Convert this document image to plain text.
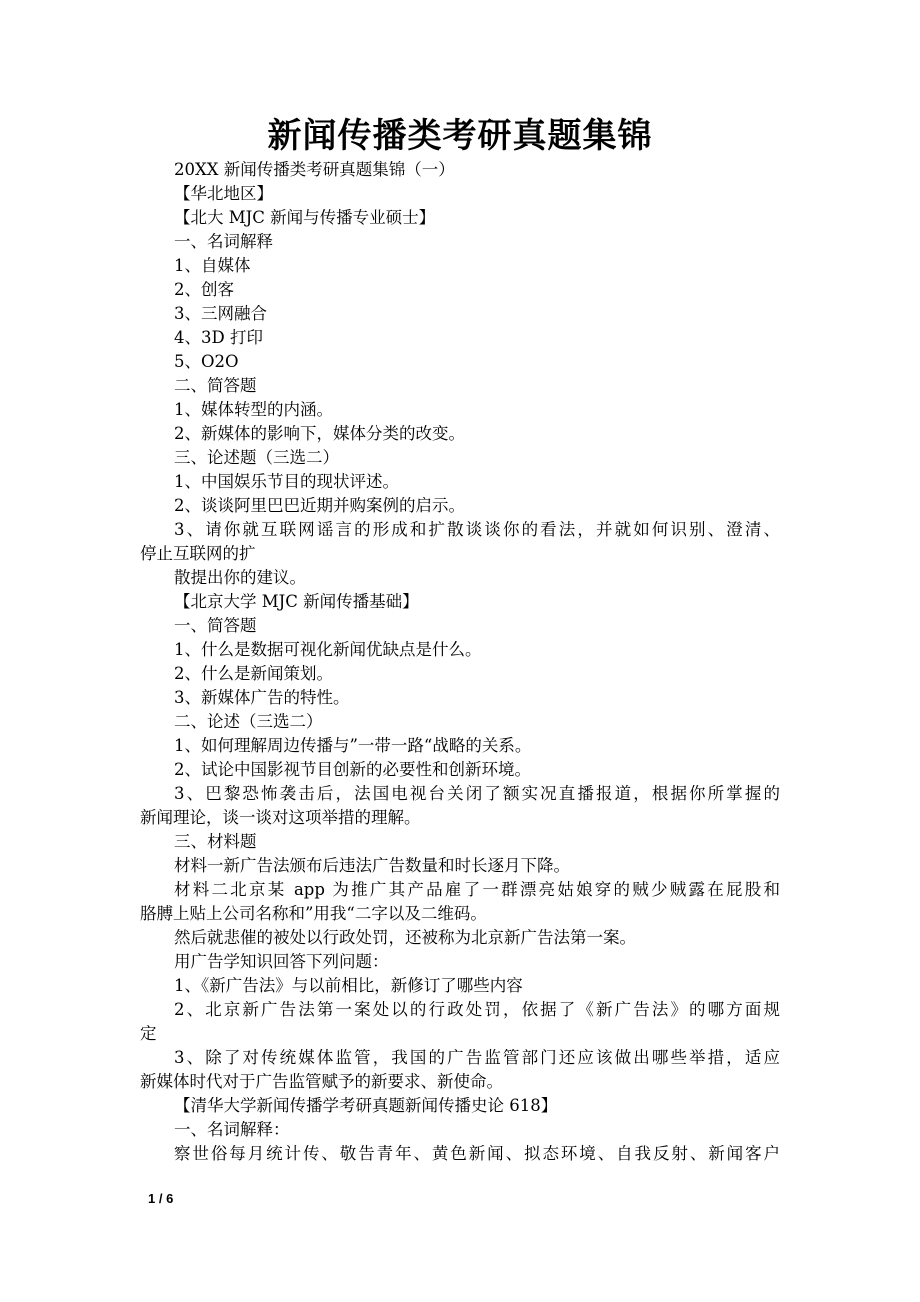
新闻传播类考研真题集锦
20XX 新闻传播类考研真题集锦（一）
【华北地区】
【北大 MJC 新闻与传播专业硕士】
一、名词解释
1、自媒体
2、创客
3、三网融合
4、3D 打印
5、O2O
二、简答题
1、媒体转型的内涵。
2、新媒体的影响下，媒体分类的改变。
三、论述题（三选二）
1、中国娱乐节目的现状评述。
2、谈谈阿里巴巴近期并购案例的启示。
3、请你就互联网谣言的形成和扩散谈谈你的看法，并就如何识别、澄清、
停止互联网的扩
散提出你的建议。
【北京大学 MJC 新闻传播基础】
一、简答题
1、什么是数据可视化新闻优缺点是什么。
2、什么是新闻策划。
3、新媒体广告的特性。
二、论述（三选二）
1、如何理解周边传播与”一带一路“战略的关系。
2、试论中国影视节目创新的必要性和创新环境。
3、巴黎恐怖袭击后，法国电视台关闭了额实况直播报道，根据你所掌握的
新闻理论，谈一谈对这项举措的理解。
三、材料题
材料一新广告法颁布后违法广告数量和时长逐月下降。
材料二北京某 app 为推广其产品雇了一群漂亮姑娘穿的贼少贼露在屁股和
胳膊上贴上公司名称和”用我“二字以及二维码。
然后就悲催的被处以行政处罚，还被称为北京新广告法第一案。
用广告学知识回答下列问题：
1、《新广告法》与以前相比，新修订了哪些内容
2、北京新广告法第一案处以的行政处罚，依据了《新广告法》的哪方面规
定
3、除了对传统媒体监管，我国的广告监管部门还应该做出哪些举措，适应
新媒体时代对于广告监管赋予的新要求、新使命。
【清华大学新闻传播学考研真题新闻传播史论 618】
一、名词解释：
察世俗每月统计传、敬告青年、黄色新闻、拟态环境、自我反射、新闻客户
1 / 6
